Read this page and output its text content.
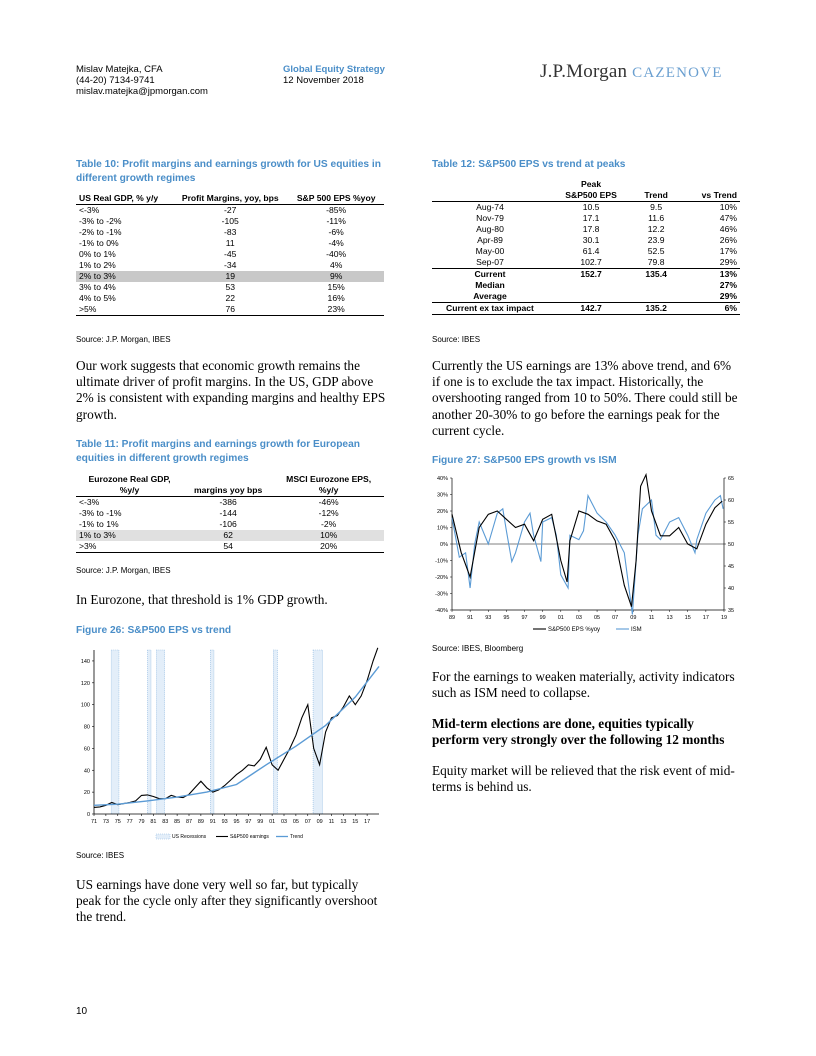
Mislav Matejka, CFA
(44-20) 7134-9741
mislav.matejka@jpmorgan.com
Global Equity Strategy
12 November 2018	J.P.Morgan CAZENOVE
Table 10: Profit margins and earnings growth for US equities in different growth regimes
US Real GDP, % y/y	Profit Margins, yoy, bps	S&P 500 EPS %yoy
<-3%	-27	-85%
-3% to -2%	-105	-11%
-2% to -1%	-83	-6%
-1% to 0%	11	-4%
0% to 1%	-45	-40%
1% to 2%	-34	4%
2% to 3%	19	9%
3% to 4%	53	15%
4% to 5%	22	16%
>5%	76	23%
Source: J.P. Morgan, IBES
Our work suggests that economic growth remains the ultimate driver of profit margins. In the US, GDP above 2% is consistent with expanding margins and healthy EPS growth.
Table 11: Profit margins and earnings growth for European equities in different growth regimes
Eurozone Real GDP,		MSCI Eurozone EPS,
%y/y	margins yoy bps	%y/y
<-3%	-386	-46%
-3% to -1%	-144	-12%
-1% to 1%	-106	-2%
1% to 3%	62	10%
>3%	54	20%
Source: J.P. Morgan, IBES
In Eurozone, that threshold is 1% GDP growth.
Figure 26: S&P500 EPS vs trend
0
20
40
60
80
100
120
140
71 73 75 77 79 81 83 85 87 89 91 93 95 97 99 01 03 05 07 09 11 13 15 17
US Recessions	S&P500 earnings	Trend
Source: IBES
US earnings have done very well so far, but typically peak for the cycle only after they significantly overshoot the trend.
Table 12: S&P500 EPS vs trend at peaks
	Peak		
	S&P500 EPS	Trend	vs Trend
Aug-74	10.5	9.5	10%
Nov-79	17.1	11.6	47%
Aug-80	17.8	12.2	46%
Apr-89	30.1	23.9	26%
May-00	61.4	52.5	17%
Sep-07	102.7	79.8	29%
Current	152.7	135.4	13%
Median			27%
Average			29%
Current ex tax impact	142.7	135.2	6%
Source: IBES
Currently the US earnings are 13% above trend, and 6% if one is to exclude the tax impact. Historically, the overshooting ranged from 10 to 50%. There could still be another 20-30% to go before the earnings peak for the current cycle.
Figure 27: S&P500 EPS growth vs ISM
40%
30%
20%
10%
0%
-10%
-20%
-30%
-40%
65
60
55
50
45
40
35
89 91 93 95 97 99 01 03 05 07 09 11 13 15 17 19
S&P500 EPS %yoy	ISM
Source: IBES, Bloomberg
For the earnings to weaken materially, activity indicators such as ISM need to collapse.
Mid-term elections are done, equities typically perform very strongly over the following 12 months
Equity market will be relieved that the risk event of mid-terms is behind us.
10
